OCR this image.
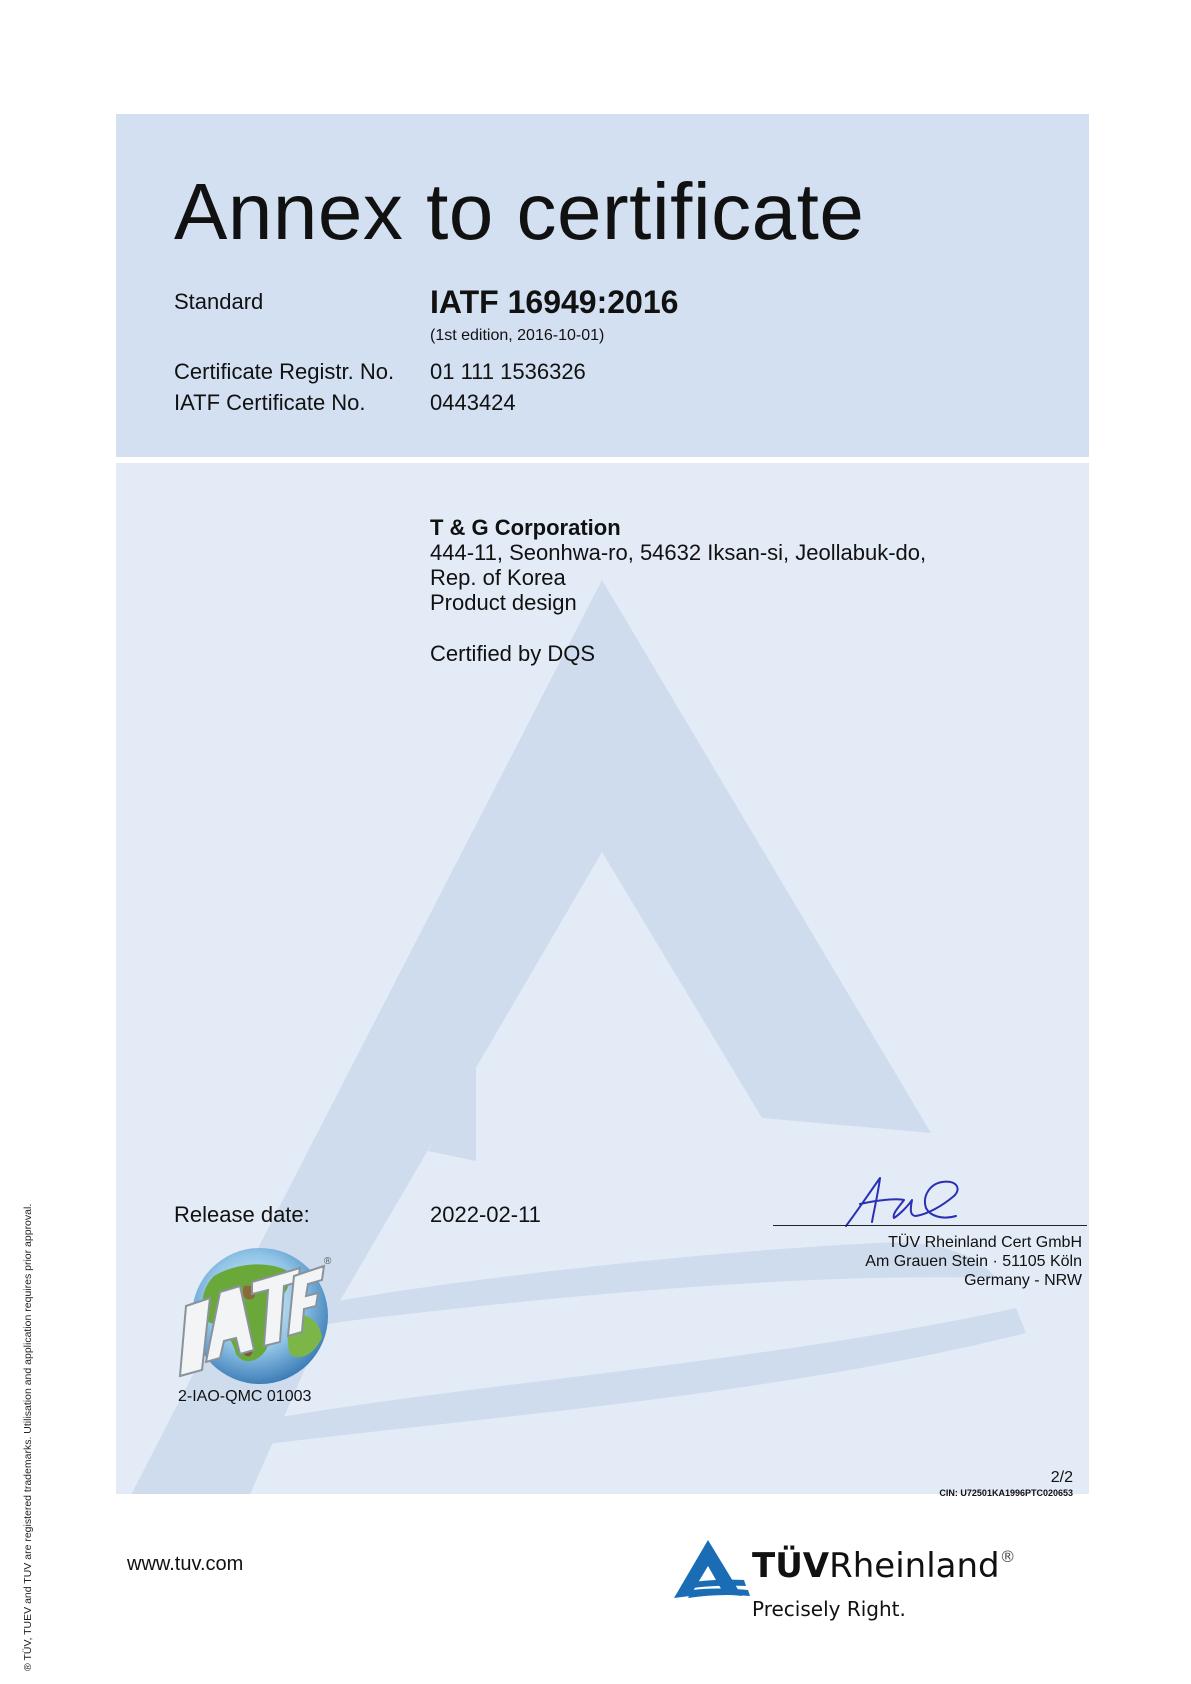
Annex to certificate
Standard	IATF 16949:2016
(1st edition, 2016-10-01)
Certificate Registr. No. 01 111 1536326
IATF Certificate No.	0443424
T & G Corporation
444-11, Seonhwa-ro, 54632 Iksan-si, Jeollabuk-do,
Rep. of Korea
Product design
Certified by DQS
Release date:	2022-02-11
TÜV Rheinland Cert GmbH
Am Grauen Stein · 51105 Köln
Germany - NRW
®
2-IAO-QMC 01003
2/2
CIN: U72501KA1996PTC020653
www.tuv.com	TÜVRheinland®
Precisely Right.
® TÜV, TUEV and TUV are registered trademarks. Utilisation and application requires prior approval.
